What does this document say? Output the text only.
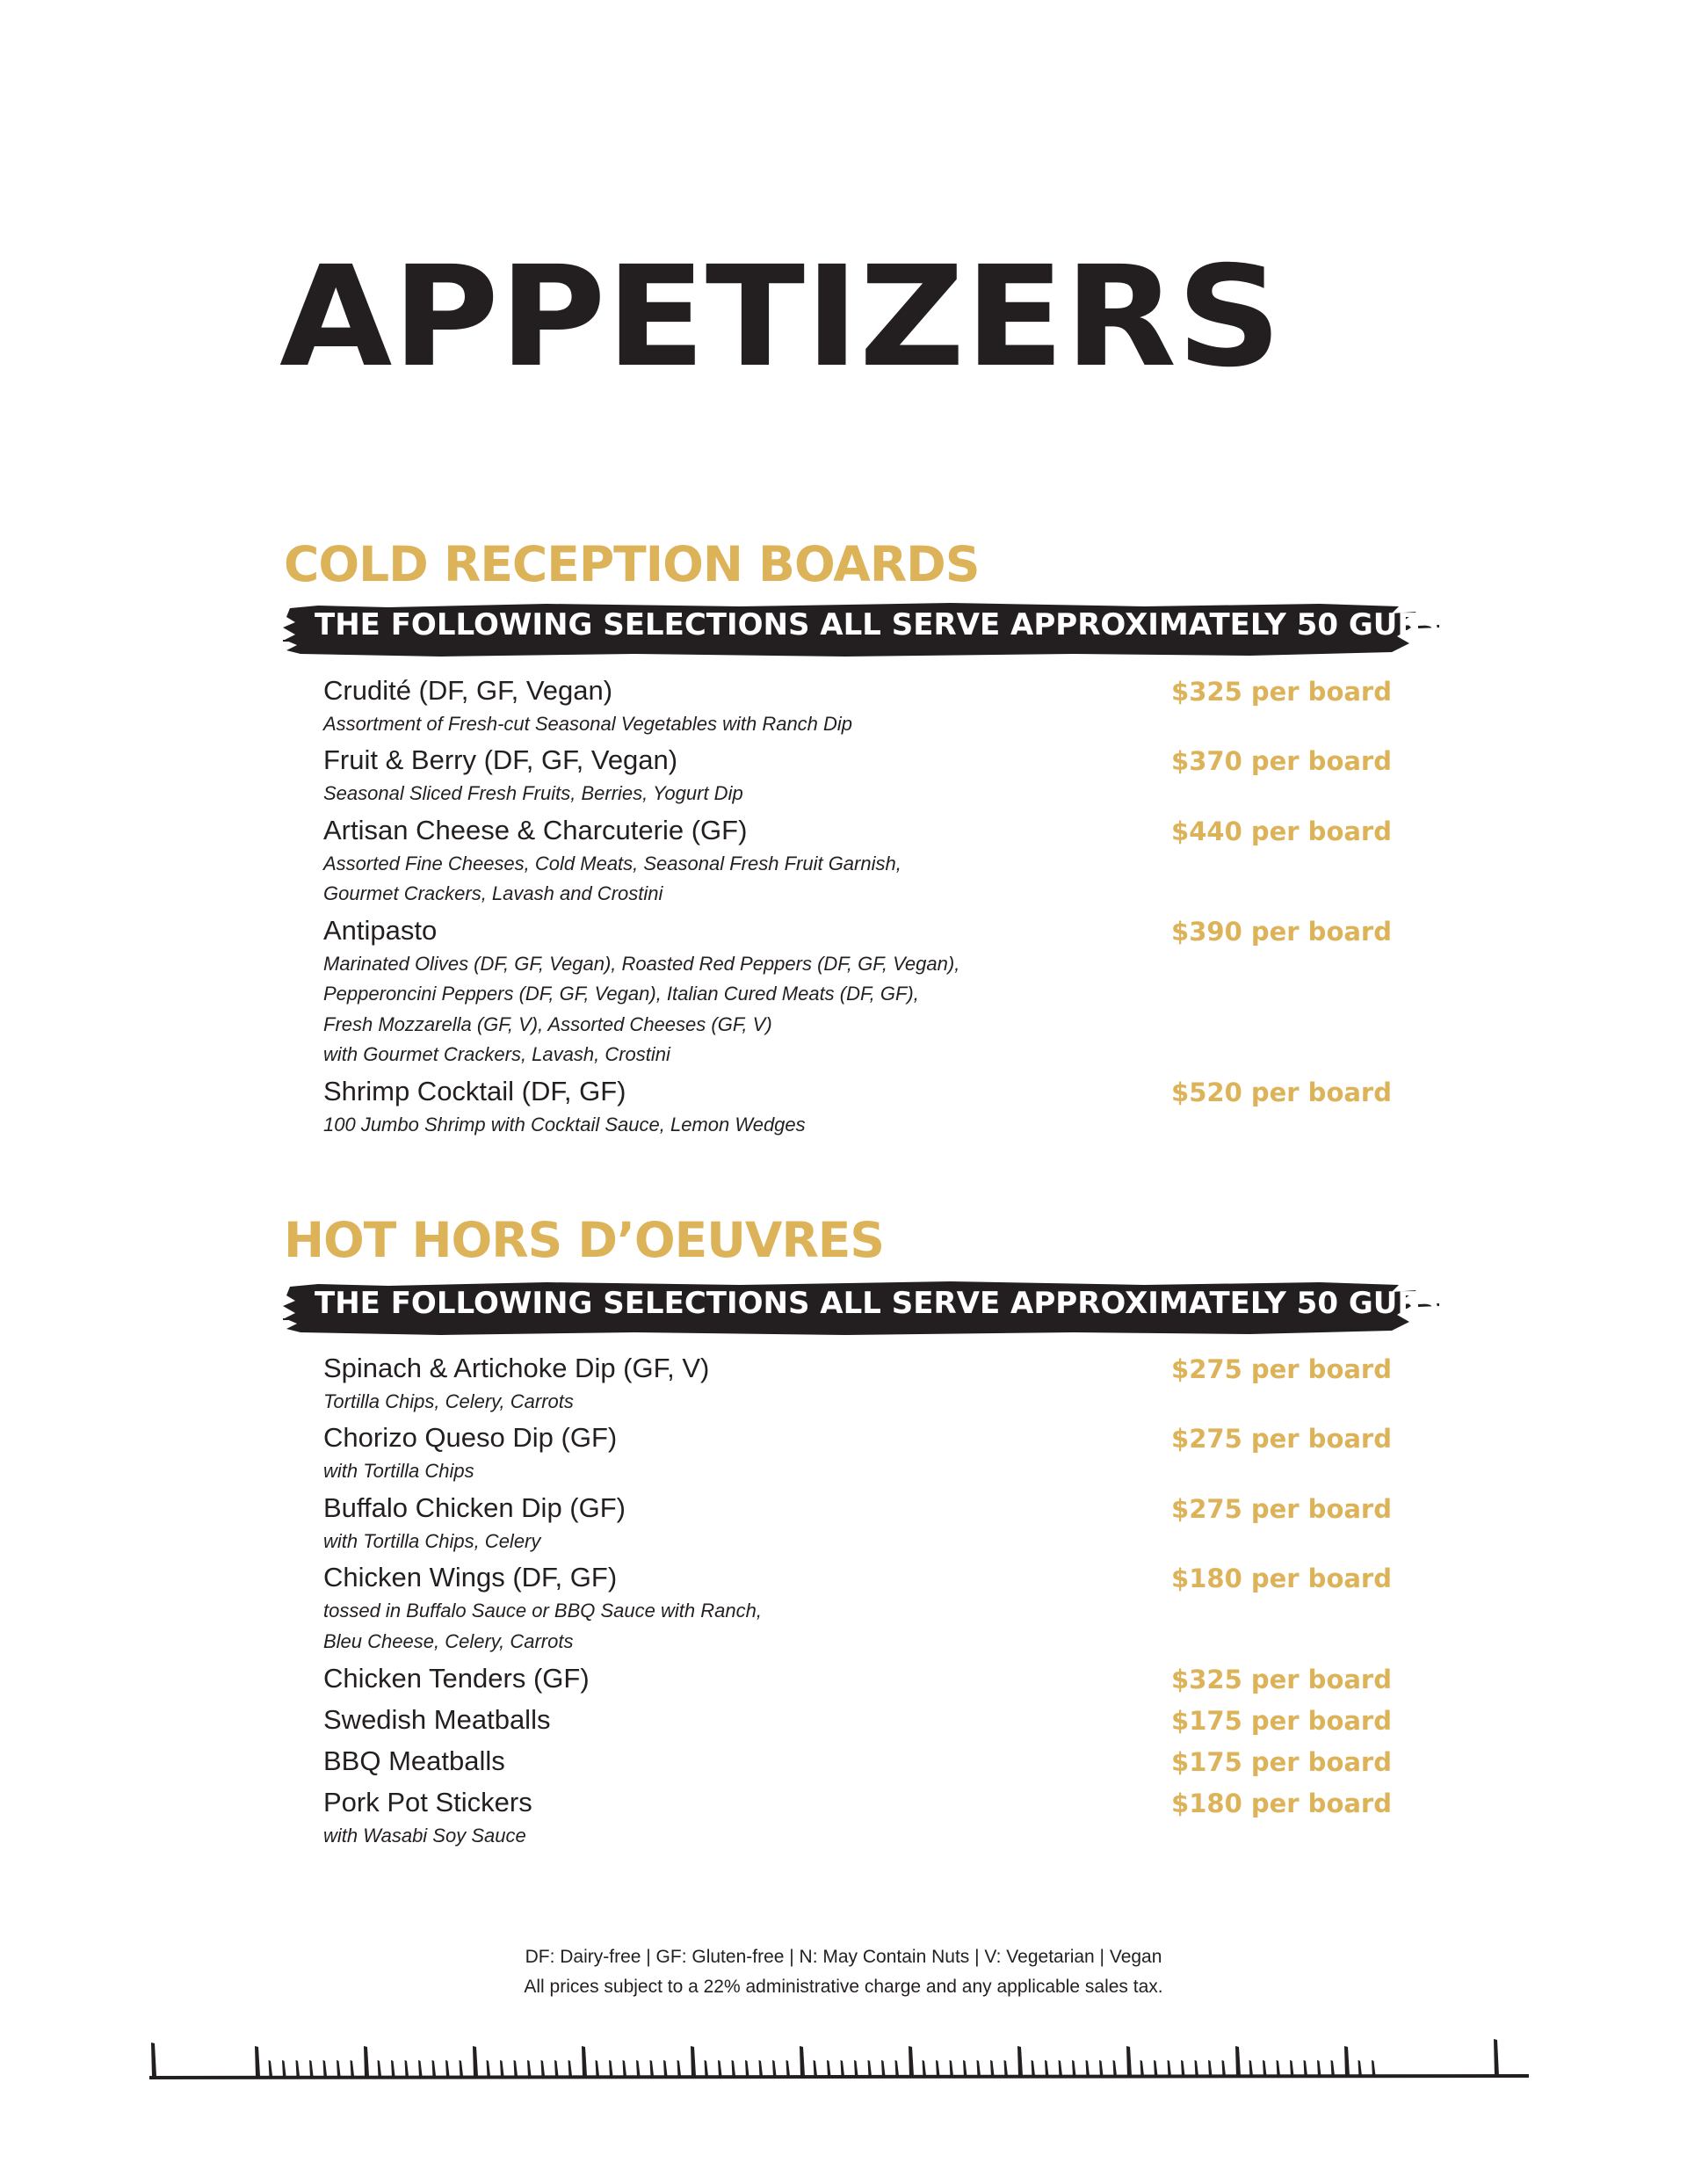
APPETIZERS
COLD RECEPTION BOARDS
THE FOLLOWING SELECTIONS ALL SERVE APPROXIMATELY 50 GUESTS
Crudité (DF, GF, Vegan)
Assortment of Fresh-cut Seasonal Vegetables with Ranch Dip
$325 per board
Fruit & Berry (DF, GF, Vegan)
Seasonal Sliced Fresh Fruits, Berries, Yogurt Dip
$370 per board
Artisan Cheese & Charcuterie (GF)
Assorted Fine Cheeses, Cold Meats, Seasonal Fresh Fruit Garnish,
Gourmet Crackers, Lavash and Crostini
$440 per board
Antipasto
Marinated Olives (DF, GF, Vegan), Roasted Red Peppers (DF, GF, Vegan),
Pepperoncini Peppers (DF, GF, Vegan), Italian Cured Meats (DF, GF),
Fresh Mozzarella (GF, V), Assorted Cheeses (GF, V)
with Gourmet Crackers, Lavash, Crostini
$390 per board
Shrimp Cocktail (DF, GF)
100 Jumbo Shrimp with Cocktail Sauce, Lemon Wedges
$520 per board
HOT HORS D’OEUVRES
THE FOLLOWING SELECTIONS ALL SERVE APPROXIMATELY 50 GUESTS
Spinach & Artichoke Dip (GF, V)
Tortilla Chips, Celery, Carrots
$275 per board
Chorizo Queso Dip (GF)
with Tortilla Chips
$275 per board
Buffalo Chicken Dip (GF)
with Tortilla Chips, Celery
$275 per board
Chicken Wings (DF, GF)
tossed in Buffalo Sauce or BBQ Sauce with Ranch,
Bleu Cheese, Celery, Carrots
$180 per board
Chicken Tenders (GF)	$325 per board
Swedish Meatballs	$175 per board
BBQ Meatballs	$175 per board
Pork Pot Stickers
with Wasabi Soy Sauce
$180 per board
DF: Dairy-free | GF: Gluten-free | N: May Contain Nuts | V: Vegetarian | Vegan
All prices subject to a 22% administrative charge and any applicable sales tax.
